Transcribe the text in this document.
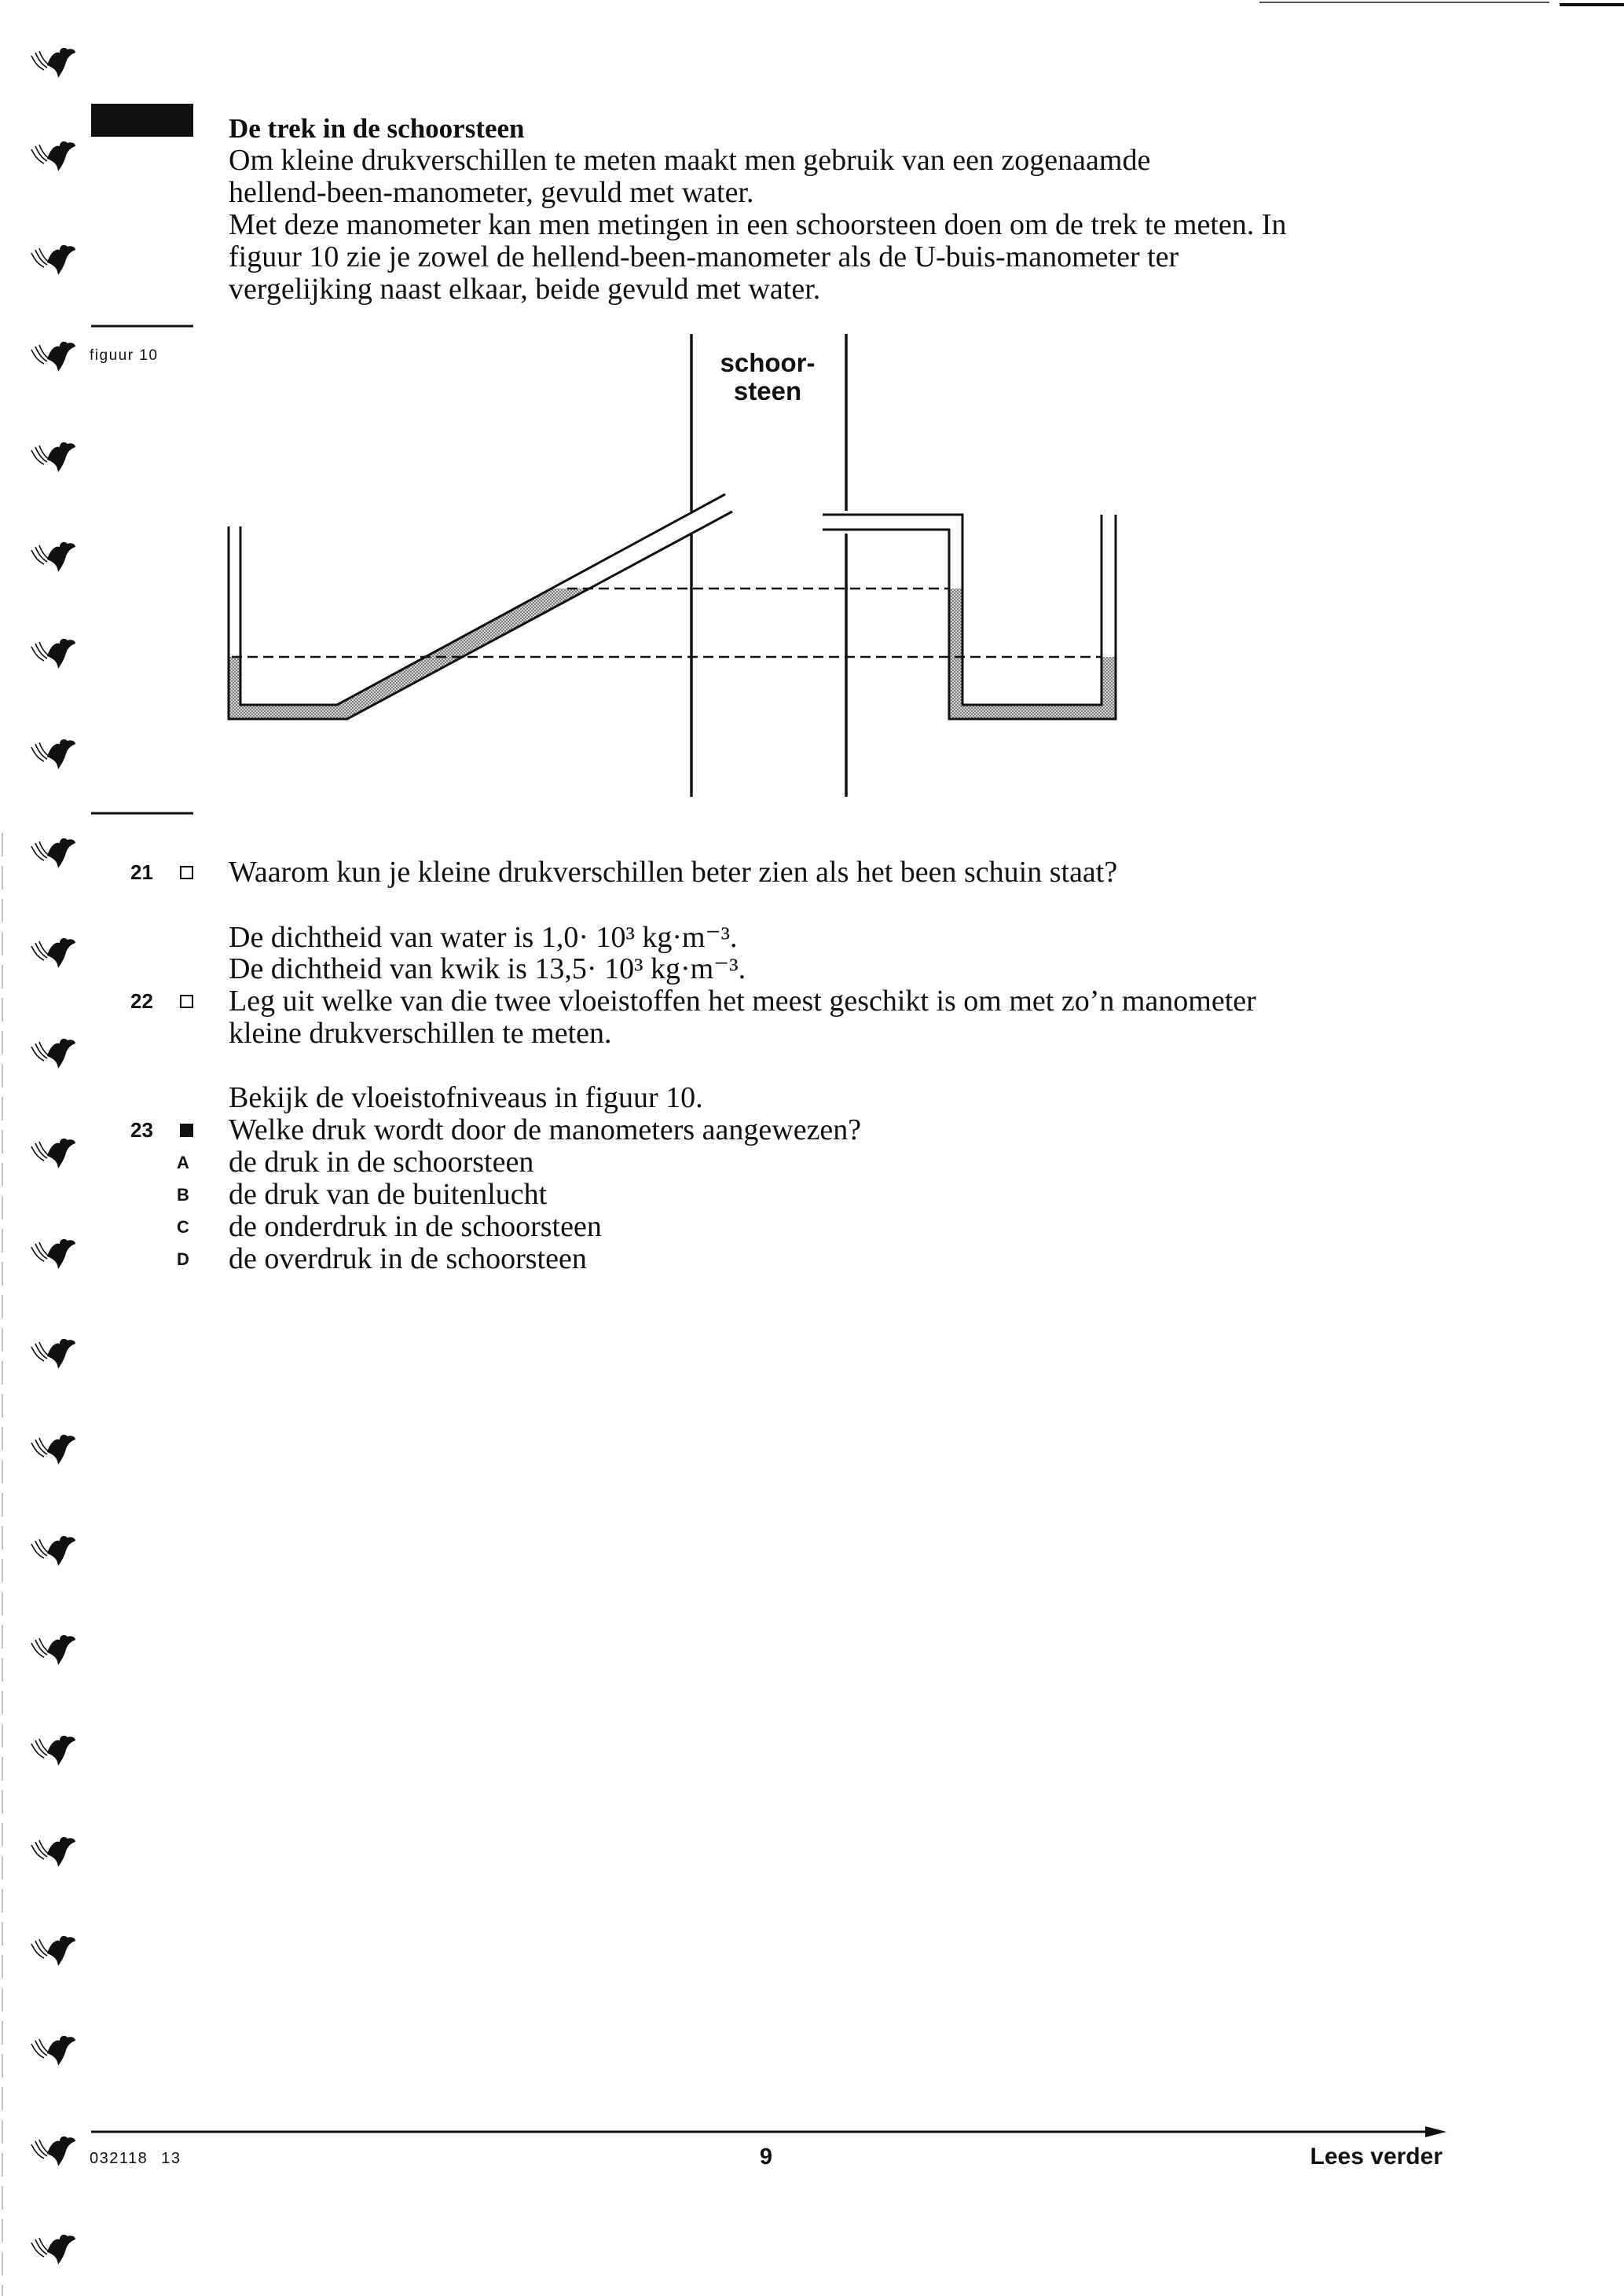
De trek in de schoorsteen
Om kleine drukverschillen te meten maakt men gebruik van een zogenaamde
hellend-been-manometer, gevuld met water.
Met deze manometer kan men metingen in een schoorsteen doen om de trek te meten. In
figuur 10 zie je zowel de hellend-been-manometer als de U-buis-manometer ter
vergelijking naast elkaar, beide gevuld met water.
figuur 10	schoor-
steen
21	Waarom kun je kleine drukverschillen beter zien als het been schuin staat?
De dichtheid van water is 1,0· 10³ kg·m⁻³.
De dichtheid van kwik is 13,5· 10³ kg·m⁻³.
22	Leg uit welke van die twee vloeistoffen het meest geschikt is om met zo’n manometer
kleine drukverschillen te meten.
Bekijk de vloeistofniveaus in figuur 10.
23	Welke druk wordt door de manometers aangewezen?
A
B
C
D
de druk in de schoorsteen
de druk van de buitenlucht
de onderdruk in de schoorsteen
de overdruk in de schoorsteen
032118 13	9	Lees verder
